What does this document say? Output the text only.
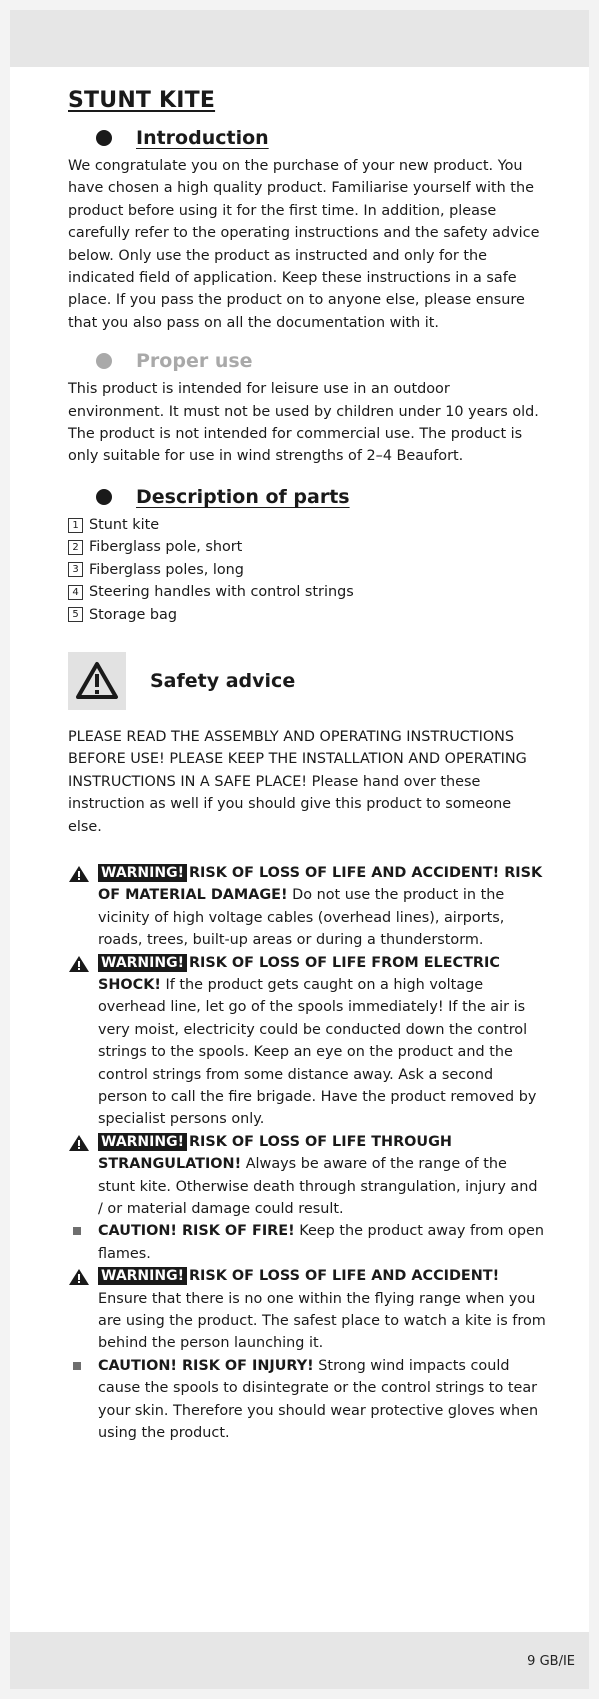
STUNT KITE
Introduction

We congratulate you on the purchase of your new product. You have chosen a high quality product. Familiarise yourself with the product before using it for the first time. In addition, please carefully refer to the operating instructions and the safety advice below. Only use the product as instructed and only for the indicated field of application. Keep these instructions in a safe place. If you pass the product on to anyone else, please ensure that you also pass on all the documentation with it.

Proper use

This product is intended for leisure use in an outdoor environment. It must not be used by children under 10 years old. The product is not intended for commercial use. The product is only suitable for use in wind strengths of 2–4 Beaufort.

Description of parts
1 Stunt kite
2 Fiberglass pole, short
3 Fiberglass poles, long
4 Steering handles with control strings
5 Storage bag
Safety advice

PLEASE READ THE ASSEMBLY AND OPERATING INSTRUCTIONS BEFORE USE! PLEASE KEEP THE INSTALLATION AND OPERATING INSTRUCTIONS IN A SAFE PLACE! Please hand over these instruction as well if you should give this product to someone else.

WARNING! RISK OF LOSS OF LIFE AND ACCIDENT! RISK OF MATERIAL DAMAGE! Do not use the product in the vicinity of high voltage cables (overhead lines), airports, roads, trees, built-up areas or during a thunderstorm.
WARNING! RISK OF LOSS OF LIFE FROM ELECTRIC SHOCK! If the product gets caught on a high voltage overhead line, let go of the spools immediately! If the air is very moist, electricity could be conducted down the control strings to the spools. Keep an eye on the product and the control strings from some distance away. Ask a second person to call the fire brigade. Have the product removed by specialist persons only.
WARNING! RISK OF LOSS OF LIFE THROUGH STRANGULATION! Always be aware of the range of the stunt kite. Otherwise death through strangulation, injury and / or material damage could result.
CAUTION! RISK OF FIRE! Keep the product away from open flames.
WARNING! RISK OF LOSS OF LIFE AND ACCIDENT! Ensure that there is no one within the flying range when you are using the product. The safest place to watch a kite is from behind the person launching it.
CAUTION! RISK OF INJURY! Strong wind impacts could cause the spools to disintegrate or the control strings to tear your skin. Therefore you should wear protective gloves when using the product.
9 GB/IE
